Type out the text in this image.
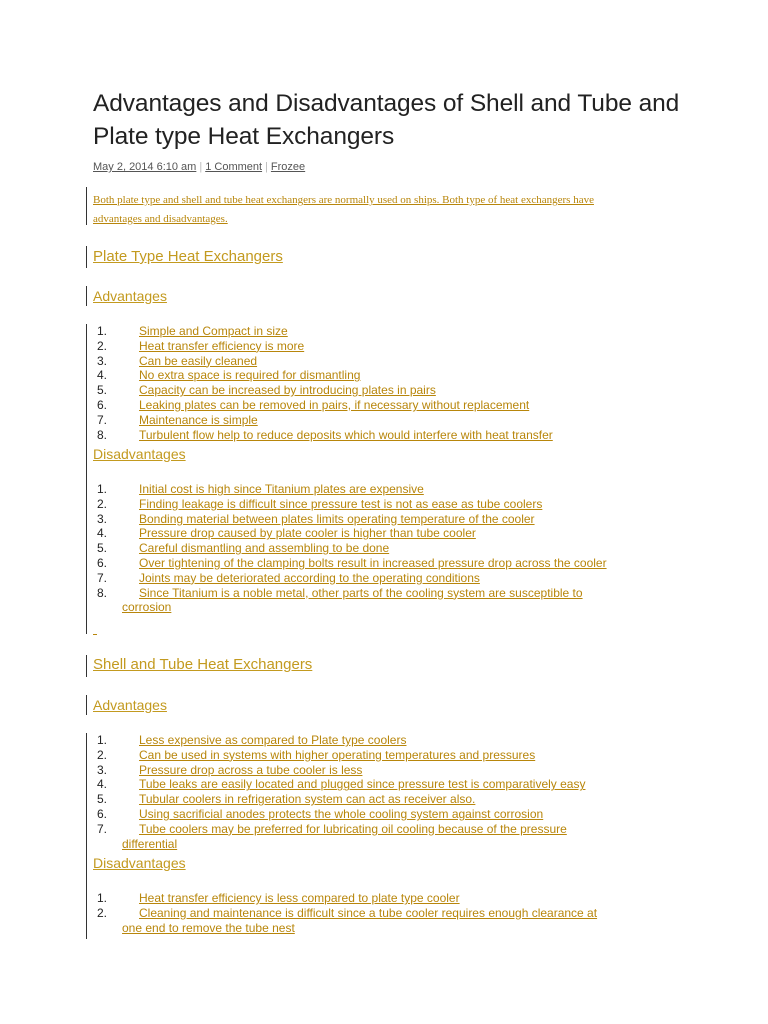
Advantages and Disadvantages of Shell and Tube and Plate type Heat Exchangers
May 2, 2014 6:10 am | 1 Comment | Frozee
Both plate type and shell and tube heat exchangers are normally used on ships. Both type of heat exchangers have advantages and disadvantages.
Plate Type Heat Exchangers
Advantages
1.	Simple and Compact in size
2.	Heat transfer efficiency is more
3.	Can be easily cleaned
4.	No extra space is required for dismantling
5.	Capacity can be increased by introducing plates in pairs
6.	Leaking plates can be removed in pairs, if necessary without replacement
7.	Maintenance is simple
8.	Turbulent flow help to reduce deposits which would interfere with heat transfer
Disadvantages
1.	Initial cost is high since Titanium plates are expensive
2.	Finding leakage is difficult since pressure test is not as ease as tube coolers
3.	Bonding material between plates limits operating temperature of the cooler
4.	Pressure drop caused by plate cooler is higher than tube cooler
5.	Careful dismantling and assembling to be done
6.	Over tightening of the clamping bolts result in increased pressure drop across the cooler
7.	Joints may be deteriorated according to the operating conditions
8.	Since Titanium is a noble metal, other parts of the cooling system are susceptible to
corrosion
Shell and Tube Heat Exchangers
Advantages
1.	Less expensive as compared to Plate type coolers
2.	Can be used in systems with higher operating temperatures and pressures
3.	Pressure drop across a tube cooler is less
4.	Tube leaks are easily located and plugged since pressure test is comparatively easy
5.	Tubular coolers in refrigeration system can act as receiver also.
6.	Using sacrificial anodes protects the whole cooling system against corrosion
7.	Tube coolers may be preferred for lubricating oil cooling because of the pressure
differential
Disadvantages
1.	Heat transfer efficiency is less compared to plate type cooler
2.	Cleaning and maintenance is difficult since a tube cooler requires enough clearance at
one end to remove the tube nest
